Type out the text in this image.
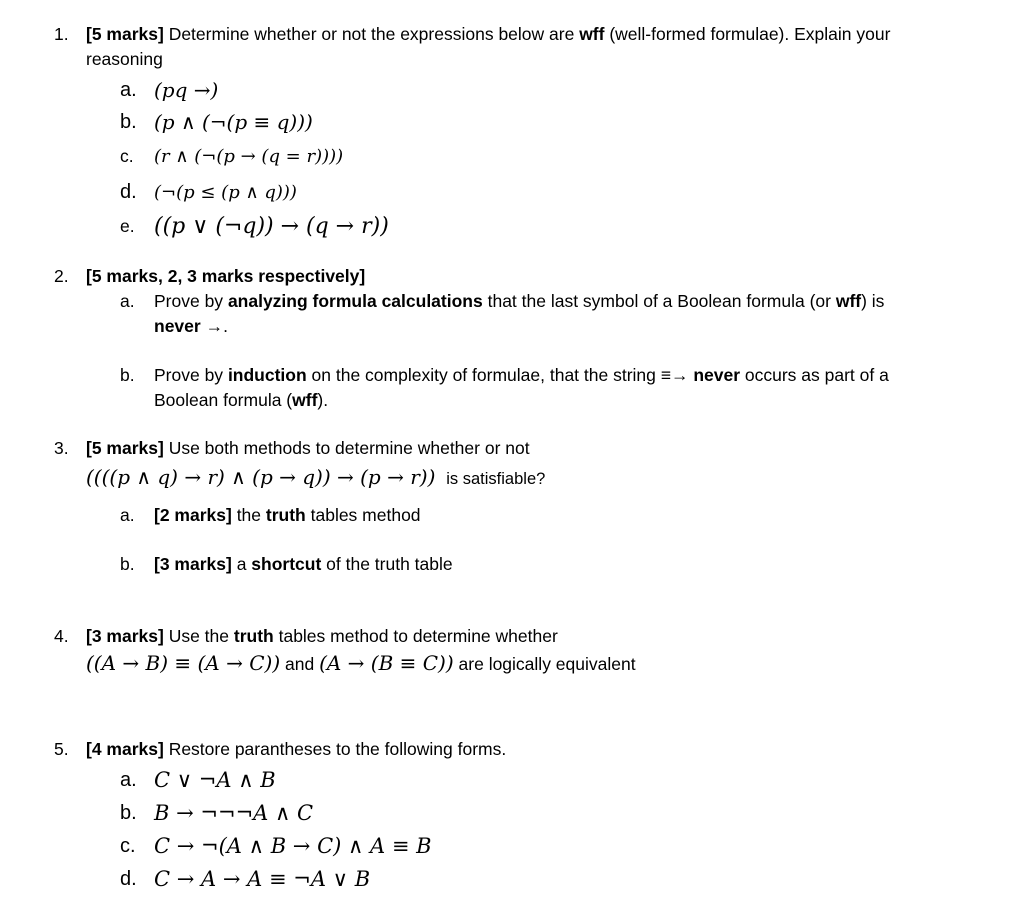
1. [5 marks] Determine whether or not the expressions below are wff (well-formed formulae). Explain your reasoning
a. (pq →)
b. (p ∧ (¬(p ≡ q)))
c. (r ∧ (¬(p → (q = r))))
d. (¬(p ≤ (p ∧ q)))
e. ((p ∨ (¬q)) → (q → r))
2. [5 marks, 2, 3 marks respectively]
a. Prove by analyzing formula calculations that the last symbol of a Boolean formula (or wff) is never →.
b. Prove by induction on the complexity of formulae, that the string ≡→ never occurs as part of a Boolean formula (wff).
3. [5 marks] Use both methods to determine whether or not
((((p ∧ q) → r) ∧ (p → q)) → (p → r)) is satisfiable?
a. [2 marks] the truth tables method
b. [3 marks] a shortcut of the truth table
4. [3 marks] Use the truth tables method to determine whether
((A → B) ≡ (A → C)) and (A → (B ≡ C)) are logically equivalent
5. [4 marks] Restore parantheses to the following forms.
a. C ∨ ¬A ∧ B
b. B → ¬¬¬A ∧ C
c. C → ¬(A ∧ B → C) ∧ A ≡ B
d. C → A → A ≡ ¬A ∨ B
